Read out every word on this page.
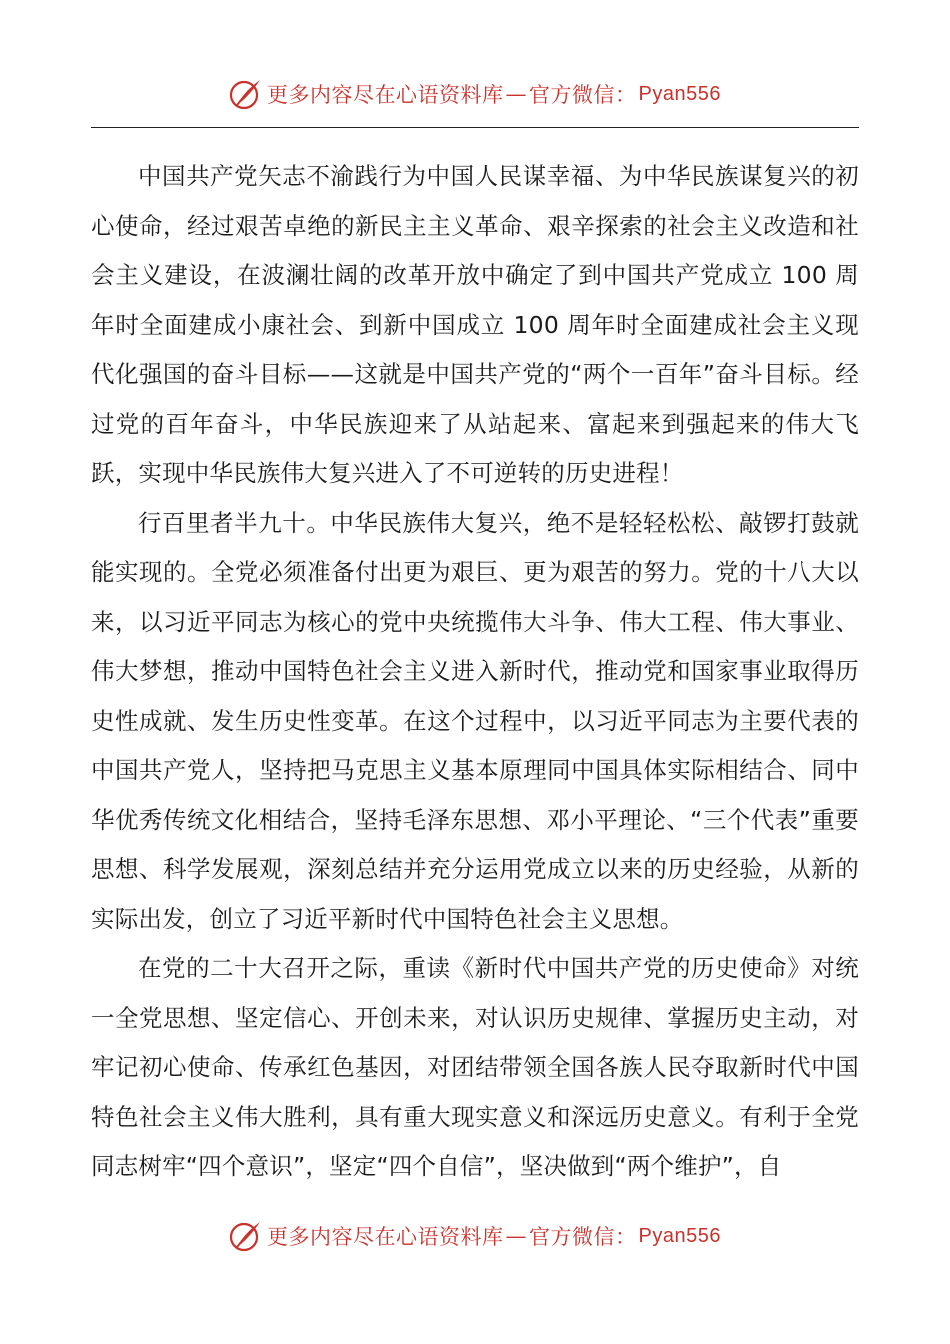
更多内容尽在心语资料库 — 官方微信： Pyan556

中国共产党矢志不渝践行为中国人民谋幸福、为中华民族谋复兴的初心使命，经过艰苦卓绝的新民主主义革命、艰辛探索的社会主义改造和社会主义建设，在波澜壮阔的改革开放中确定了到中国共产党成立 100 周年时全面建成小康社会、到新中国成立 100 周年时全面建成社会主义现代化强国的奋斗目标——这就是中国共产党的“两个一百年”奋斗目标。经过党的百年奋斗，中华民族迎来了从站起来、富起来到强起来的伟大飞跃，实现中华民族伟大复兴进入了不可逆转的历史进程！

行百里者半九十。中华民族伟大复兴，绝不是轻轻松松、敲锣打鼓就能实现的。全党必须准备付出更为艰巨、更为艰苦的努力。党的十八大以来，以习近平同志为核心的党中央统揽伟大斗争、伟大工程、伟大事业、伟大梦想，推动中国特色社会主义进入新时代，推动党和国家事业取得历史性成就、发生历史性变革。在这个过程中，以习近平同志为主要代表的中国共产党人，坚持把马克思主义基本原理同中国具体实际相结合、同中华优秀传统文化相结合，坚持毛泽东思想、邓小平理论、“三个代表”重要思想、科学发展观，深刻总结并充分运用党成立以来的历史经验，从新的实际出发，创立了习近平新时代中国特色社会主义思想。

在党的二十大召开之际，重读《新时代中国共产党的历史使命》对统一全党思想、坚定信心、开创未来，对认识历史规律、掌握历史主动，对牢记初心使命、传承红色基因，对团结带领全国各族人民夺取新时代中国特色社会主义伟大胜利，具有重大现实意义和深远历史意义。有利于全党同志树牢“四个意识”，坚定“四个自信”，坚决做到“两个维护”，自

更多内容尽在心语资料库 — 官方微信： Pyan556
